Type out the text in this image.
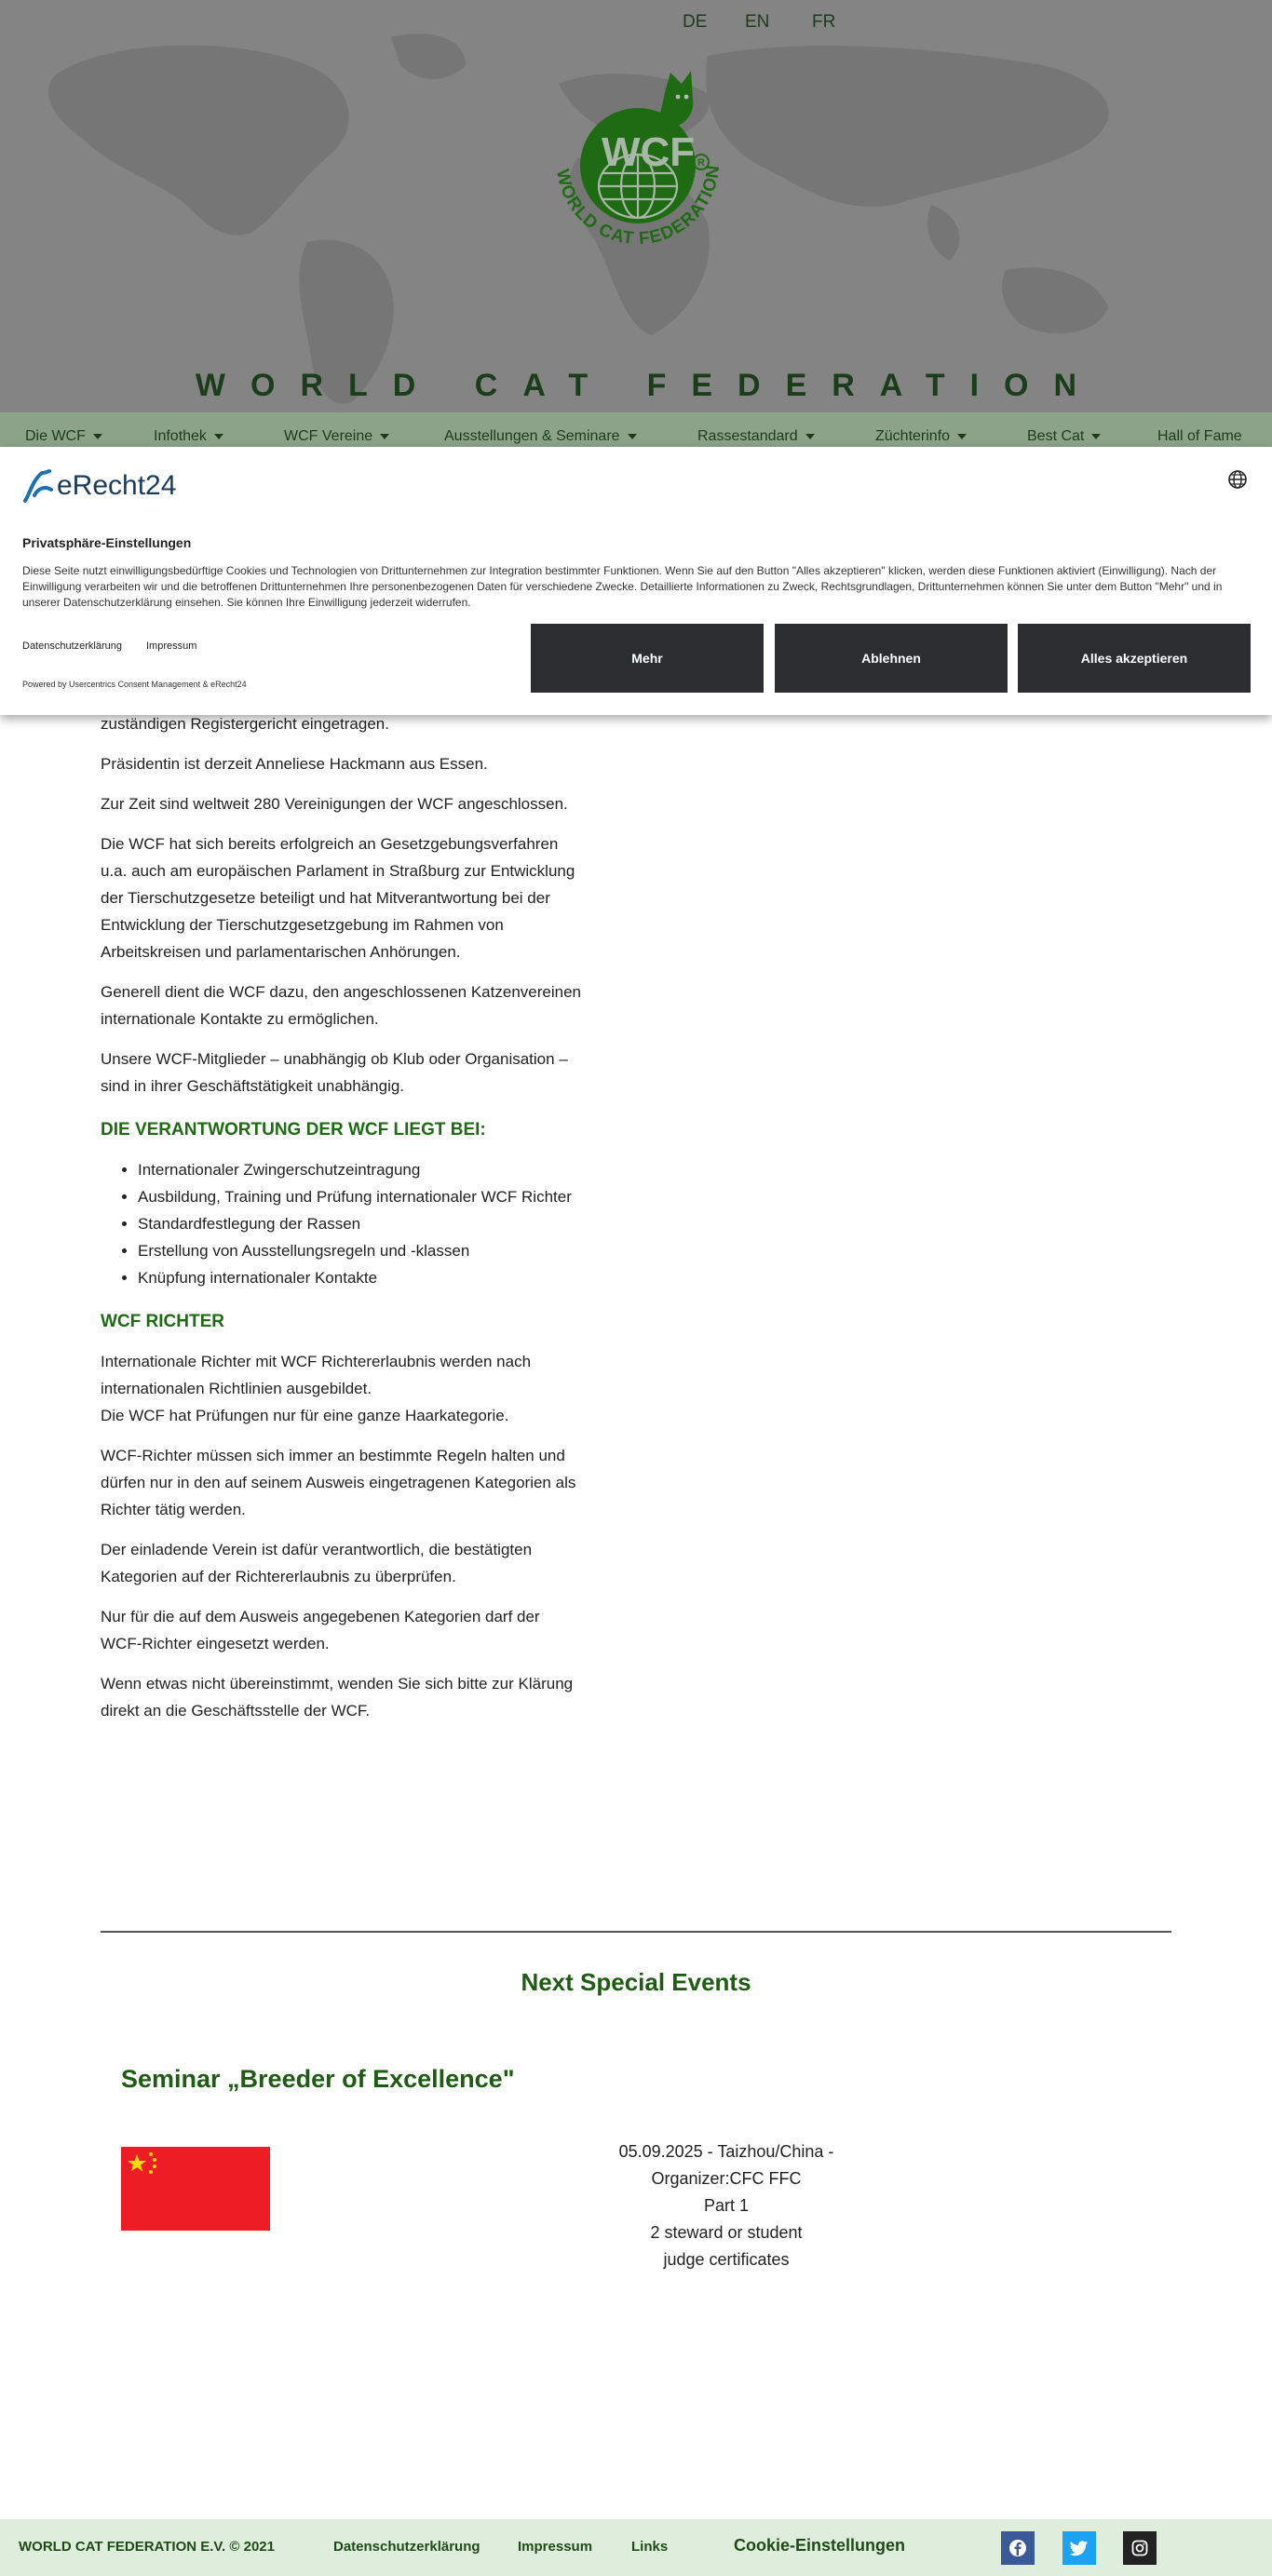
DE EN FR
WCF R
WORLD CAT FEDERATION
WORLD CAT FEDERATION
Die WCF	Infothek	WCF Vereine	Ausstellungen & Seminare	Rassestandard	Züchterinfo	Best Cat	Hall of Fame

zuständigen Registergericht eingetragen.

Präsidentin ist derzeit Anneliese Hackmann aus Essen.

Zur Zeit sind weltweit 280 Vereinigungen der WCF angeschlossen.

Die WCF hat sich bereits erfolgreich an Gesetzgebungsverfahren u.a. auch am europäischen Parlament in Straßburg zur Entwicklung der Tierschutzgesetze beteiligt und hat Mitverantwortung bei der Entwicklung der Tierschutzgesetzgebung im Rahmen von Arbeitskreisen und parlamentarischen Anhörungen.

Generell dient die WCF dazu, den angeschlossenen Katzenvereinen internationale Kontakte zu ermöglichen.

Unsere WCF-Mitglieder – unabhängig ob Klub oder Organisation – sind in ihrer Geschäftstätigkeit unabhängig.

DIE VERANTWORTUNG DER WCF LIEGT BEI:
• Internationaler Zwingerschutzeintragung
• Ausbildung, Training und Prüfung internationaler WCF Richter
• Standardfestlegung der Rassen
• Erstellung von Ausstellungsregeln und -klassen
• Knüpfung internationaler Kontakte
WCF RICHTER

Internationale Richter mit WCF Richtererlaubnis werden nach internationalen Richtlinien ausgebildet.
Die WCF hat Prüfungen nur für eine ganze Haarkategorie.

WCF-Richter müssen sich immer an bestimmte Regeln halten und dürfen nur in den auf seinem Ausweis eingetragenen Kategorien als Richter tätig werden.

Der einladende Verein ist dafür verantwortlich, die bestätigten Kategorien auf der Richtererlaubnis zu überprüfen.

Nur für die auf dem Ausweis angegebenen Kategorien darf der WCF-Richter eingesetzt werden.

Wenn etwas nicht übereinstimmt, wenden Sie sich bitte zur Klärung direkt an die Geschäftsstelle der WCF.

Next Special Events
Seminar „Breeder of Excellence"
05.09.2025 - Taizhou/China -
Organizer:CFC FFC
Part 1
2 steward or student
judge certificates
eRecht24
Privatsphäre-Einstellungen
Diese Seite nutzt einwilligungsbedürftige Cookies und Technologien von Drittunternehmen zur Integration bestimmter Funktionen. Wenn Sie auf den Button "Alles akzeptieren" klicken, werden diese Funktionen aktiviert (Einwilligung). Nach der Einwilligung verarbeiten wir und die betroffenen Drittunternehmen Ihre personenbezogenen Daten für verschiedene Zwecke. Detaillierte Informationen zu Zweck, Rechtsgrundlagen, Drittunternehmen können Sie unter dem Button "Mehr" und in unserer Datenschutzerklärung einsehen. Sie können Ihre Einwilligung jederzeit widerrufen.
Datenschutzerklärung Impressum
Powered by Usercentrics Consent Management & eRecht24
Mehr	Ablehnen	Alles akzeptieren
WORLD CAT FEDERATION E.V. © 2021	Datenschutzerklärung	Impressum	Links	Cookie-Einstellungen
